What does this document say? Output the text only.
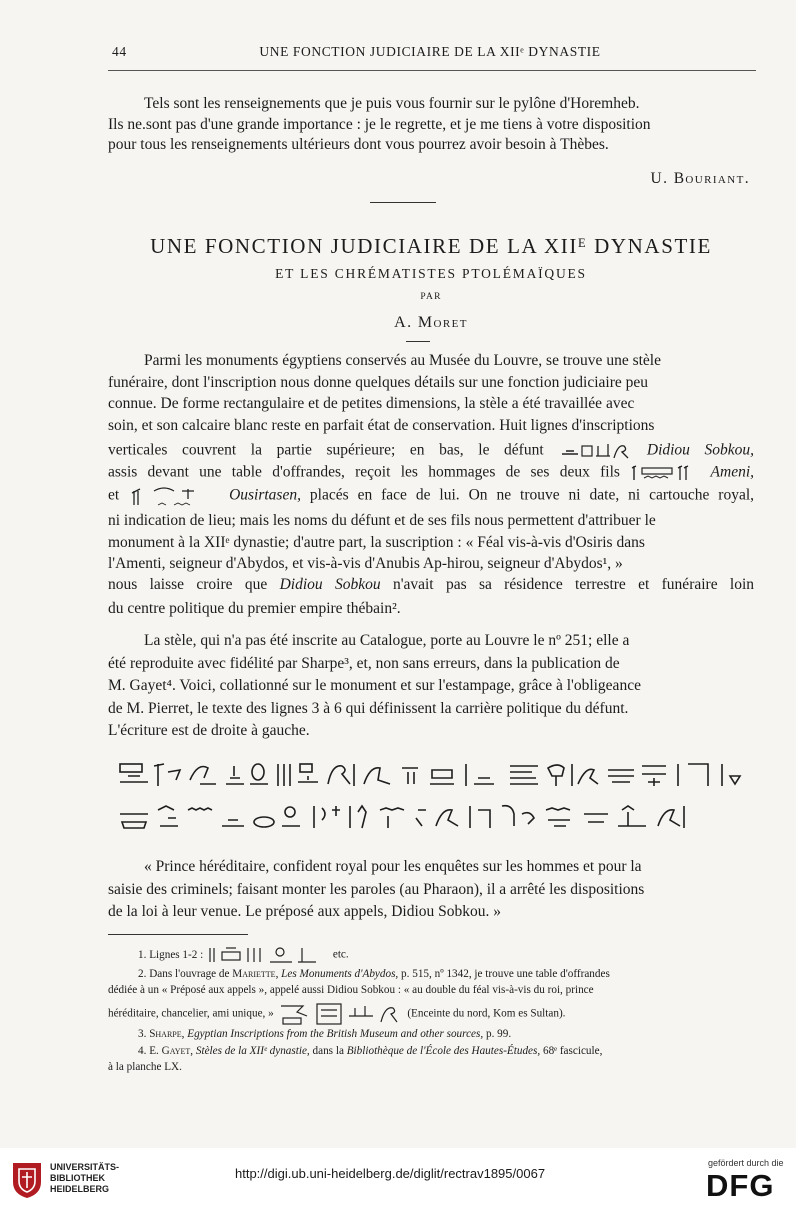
44	UNE FONCTION JUDICIAIRE DE LA XIIᵉ DYNASTIE
Tels sont les renseignements que je puis vous fournir sur le pylône d'Horemheb.
Ils ne.sont pas d'une grande importance : je le regrette, et je me tiens à votre disposition
pour tous les renseignements ultérieurs dont vous pourrez avoir besoin à Thèbes.
U. Bouriant.
UNE FONCTION JUDICIAIRE DE LA XIIᴱ DYNASTIE
ET LES CHRÉMATISTES PTOLÉMAÏQUES
PAR
A. Moret
Parmi les monuments égyptiens conservés au Musée du Louvre, se trouve une stèle
funéraire, dont l'inscription nous donne quelques détails sur une fonction judiciaire peu
connue. De forme rectangulaire et de petites dimensions, la stèle a été travaillée avec
soin, et son calcaire blanc reste en parfait état de conservation. Huit lignes d'inscriptions
verticales couvrent la partie supérieure; en bas, le défunt	Didiou Sobkou,
assis devant une table d'offrandes, reçoit les hommages de ses deux fils	Ameni,
et	Ousirtasen, placés en face de lui. On ne trouve ni date, ni cartouche royal,
ni indication de lieu; mais les noms du défunt et de ses fils nous permettent d'attribuer le
monument à la XIIᵉ dynastie; d'autre part, la suscription : « Féal vis-à-vis d'Osiris dans
l'Amenti, seigneur d'Abydos, et vis-à-vis d'Anubis Ap-hirou, seigneur d'Abydos¹, »
nous laisse croire que Didiou Sobkou n'avait pas sa résidence terrestre et funéraire loin
du centre politique du premier empire thébain².
La stèle, qui n'a pas été inscrite au Catalogue, porte au Louvre le nº 251; elle a
été reproduite avec fidélité par Sharpe³, et, non sans erreurs, dans la publication de
M. Gayet⁴. Voici, collationné sur le monument et sur l'estampage, grâce à l'obligeance
de M. Pierret, le texte des lignes 3 à 6 qui définissent la carrière politique du défunt.
L'écriture est de droite à gauche.
« Prince héréditaire, confident royal pour les enquêtes sur les hommes et pour la
saisie des criminels; faisant monter les paroles (au Pharaon), il a arrêté les dispositions
de la loi à leur venue. Le préposé aux appels, Didiou Sobkou. »
1. Lignes 1-2 :	etc.
2. Dans l'ouvrage de Mariette, Les Monuments d'Abydos, p. 515, nº 1342, je trouve une table d'offrandes
dédiée à un « Préposé aux appels », appelé aussi Didiou Sobkou : « au double du féal vis-à-vis du roi, prince
héréditaire, chancelier, ami unique, »	(Enceinte du nord, Kom es Sultan).
3. Sharpe, Egyptian Inscriptions from the British Museum and other sources, p. 99.
4. E. Gayet, Stèles de la XIIᵉ dynastie, dans la Bibliothèque de l'École des Hautes-Études, 68ᵉ fascicule,
à la planche LX.
UNIVERSITÄTS-
BIBLIOTHEK
HEIDELBERG
http://digi.ub.uni-heidelberg.de/diglit/rectrav1895/0067
gefördert durch die
DFG
